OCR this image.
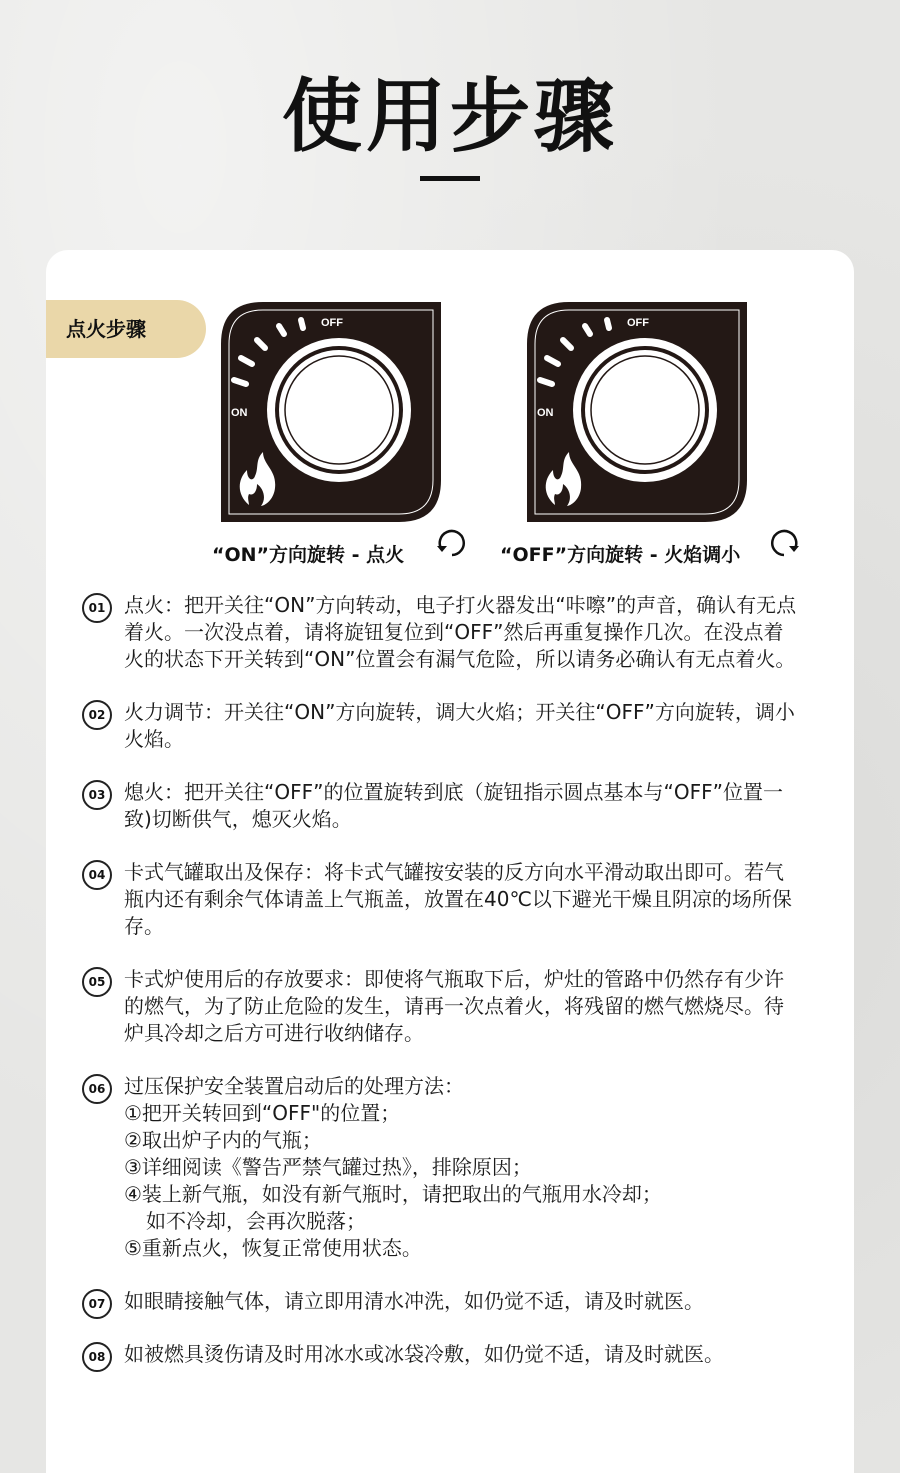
使用步骤
点火步骤	OFF
ON
OFF
ON
“ON”方向旋转 - 点火	“OFF”方向旋转 - 火焰调小
01 点火：把开关往“ON”方向转动，电子打火器发出“咔嚓”的声音，确认有无点着火。一次没点着，请将旋钮复位到“OFF”然后再重复操作几次。在没点着火的状态下开关转到“ON”位置会有漏气危险，所以请务必确认有无点着火。
02 火力调节：开关往“ON”方向旋转，调大火焰；开关往“OFF”方向旋转，调小火焰。
03 熄火：把开关往“OFF”的位置旋转到底（旋钮指示圆点基本与“OFF”位置一致)切断供气，熄灭火焰。
04 卡式气罐取出及保存：将卡式气罐按安装的反方向水平滑动取出即可。若气瓶内还有剩余气体请盖上气瓶盖，放置在40℃以下避光干燥且阴凉的场所保存。
05 卡式炉使用后的存放要求：即使将气瓶取下后，炉灶的管路中仍然存有少许的燃气，为了防止危险的发生，请再一次点着火，将残留的燃气燃烧尽。待炉具冷却之后方可进行收纳储存。
06 过压保护安全装置启动后的处理方法：
①把开关转回到“OFF"的位置；
②取出炉子内的气瓶；
③详细阅读《警告严禁气罐过热》，排除原因；
④装上新气瓶，如没有新气瓶时，请把取出的气瓶用水冷却；
如不冷却，会再次脱落；
⑤重新点火，恢复正常使用状态。
07 如眼睛接触气体，请立即用清水冲洗，如仍觉不适，请及时就医。
08 如被燃具烫伤请及时用冰水或冰袋冷敷，如仍觉不适，请及时就医。
